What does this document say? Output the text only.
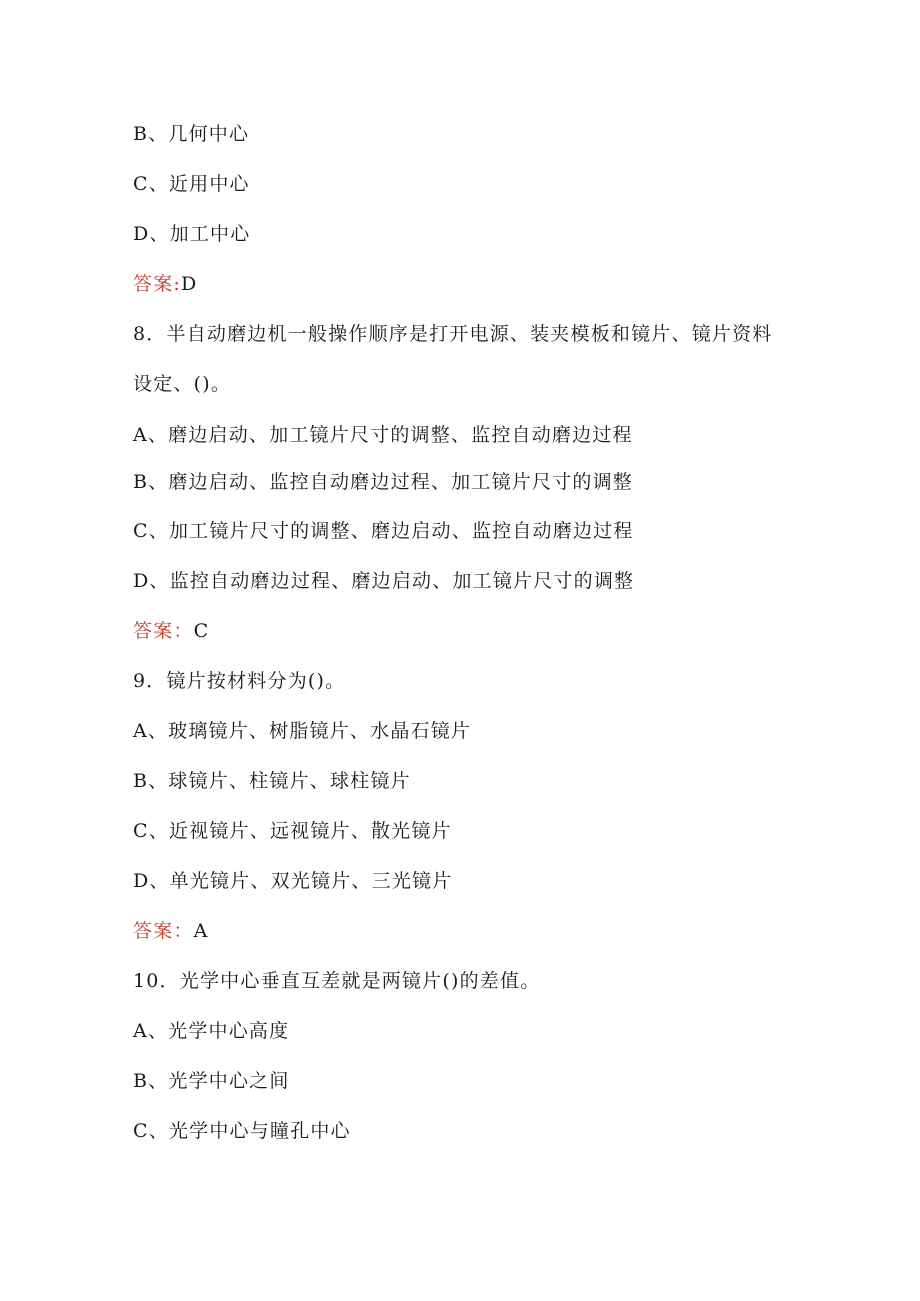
B、几何中心
C、近用中心
D、加工中心
答案:D
8．半自动磨边机一般操作顺序是打开电源、装夹模板和镜片、镜片资料
设定、()。
A、磨边启动、加工镜片尺寸的调整、监控自动磨边过程
B、磨边启动、监控自动磨边过程、加工镜片尺寸的调整
C、加工镜片尺寸的调整、磨边启动、监控自动磨边过程
D、监控自动磨边过程、磨边启动、加工镜片尺寸的调整
答案：C
9．镜片按材料分为()。
A、玻璃镜片、树脂镜片、水晶石镜片
B、球镜片、柱镜片、球柱镜片
C、近视镜片、远视镜片、散光镜片
D、单光镜片、双光镜片、三光镜片
答案：A
10．光学中心垂直互差就是两镜片()的差值。
A、光学中心高度
B、光学中心之间
C、光学中心与瞳孔中心
